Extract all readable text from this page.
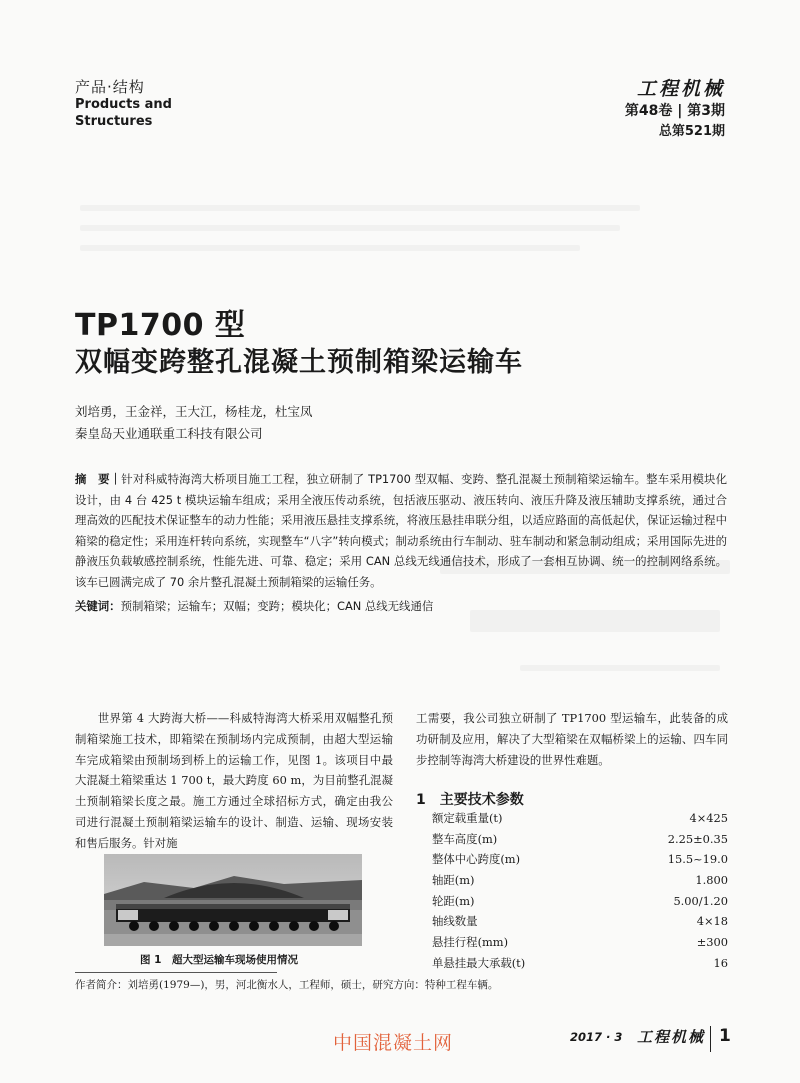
产品·结构
Products and
Structures
工程机械
第48卷 | 第3期
总第521期
TP1700 型
双幅变跨整孔混凝土预制箱梁运输车
刘培勇，王金祥，王大江，杨桂龙，杜宝凤
秦皇岛天业通联重工科技有限公司
摘　要｜针对科威特海湾大桥项目施工工程，独立研制了 TP1700 型双幅、变跨、整孔混凝土预制箱梁运输车。整车采用模块化设计，由 4 台 425 t 模块运输车组成；采用全液压传动系统，包括液压驱动、液压转向、液压升降及液压辅助支撑系统，通过合理高效的匹配技术保证整车的动力性能；采用液压悬挂支撑系统，将液压悬挂串联分组，以适应路面的高低起伏，保证运输过程中箱梁的稳定性；采用连杆转向系统，实现整车“八字”转向模式；制动系统由行车制动、驻车制动和紧急制动组成；采用国际先进的静液压负载敏感控制系统，性能先进、可靠、稳定；采用 CAN 总线无线通信技术，形成了一套相互协调、统一的控制网络系统。该车已圆满完成了 70 余片整孔混凝土预制箱梁的运输任务。
关键词：预制箱梁；运输车；双幅；变跨；模块化；CAN 总线无线通信
世界第 4 大跨海大桥——科威特海湾大桥采用双幅整孔预制箱梁施工技术，即箱梁在预制场内完成预制，由超大型运输车完成箱梁由预制场到桥上的运输工作，见图 1。该项目中最大混凝土箱梁重达 1 700 t，最大跨度 60 m，为目前整孔混凝土预制箱梁长度之最。施工方通过全球招标方式，确定由我公司进行混凝土预制箱梁运输车的设计、制造、运输、现场安装和售后服务。针对施
工需要，我公司独立研制了 TP1700 型运输车，此装备的成功研制及应用，解决了大型箱梁在双幅桥梁上的运输、四车同步控制等海湾大桥建设的世界性难题。
1　主要技术参数
额定载重量(t)	4×425
整车高度(m)	2.25±0.35
整体中心跨度(m)	15.5~19.0
轴距(m)	1.800
轮距(m)	5.00/1.20
轴线数量	4×18
悬挂行程(mm)	±300
单悬挂最大承载(t)	16
图 1　超大型运输车现场使用情况
作者简介：刘培勇(1979—)，男，河北衡水人，工程师，硕士，研究方向：特种工程车辆。
中国混凝土网	2017 · 3 工程机械 1
